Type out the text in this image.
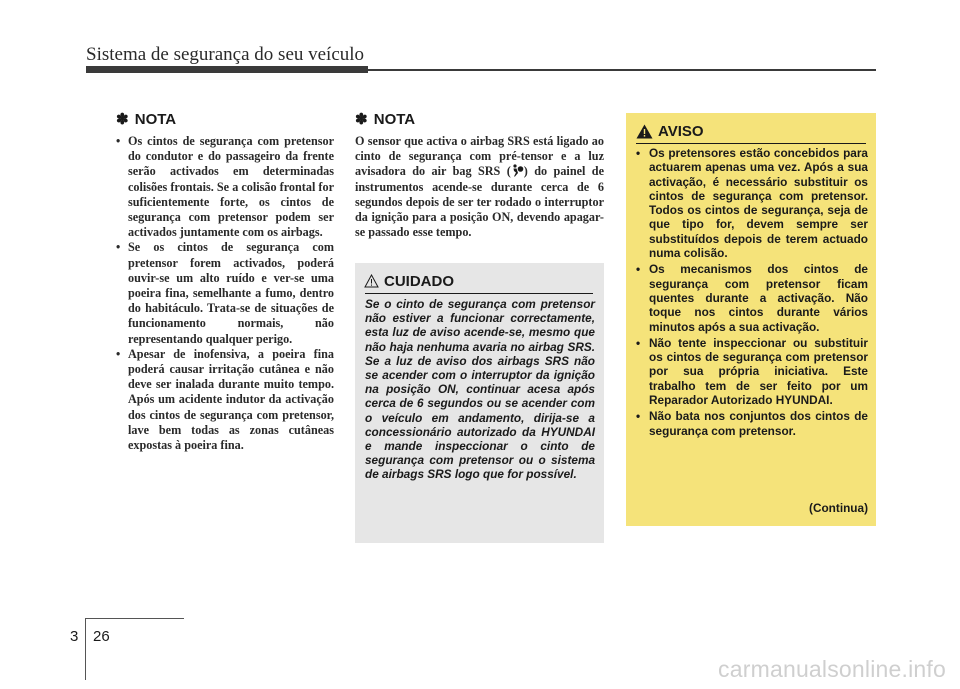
Sistema de segurança do seu veículo
✽ NOTA
• Os cintos de segurança com pretensor do condutor e do passageiro da frente serão activados em determinadas colisões frontais. Se a colisão frontal for suficientemente forte, os cintos de segurança com pretensor podem ser activados juntamente com os airbags.
• Se os cintos de segurança com pretensor forem activados, poderá ouvir-se um alto ruído e ver-se uma poeira fina, semelhante a fumo, dentro do habitáculo. Trata-se de situações de funcionamento normais, não representando qualquer perigo.
• Apesar de inofensiva, a poeira fina poderá causar irritação cutânea e não deve ser inalada durante muito tempo. Após um acidente indutor da activação dos cintos de segurança com pretensor, lave bem todas as zonas cutâneas expostas à poeira fina.
✽ NOTA

O sensor que activa o airbag SRS está ligado ao cinto de segurança com pré-tensor e a luz avisadora do air bag SRS ( ) do painel de instrumentos acende-se durante cerca de 6 segundos depois de ser ter rodado o interruptor da ignição para a posição ON, devendo apagar-se passado esse tempo.

CUIDADO

Se o cinto de segurança com pretensor não estiver a funcionar correctamente, esta luz de aviso acende-se, mesmo que não haja nenhuma avaria no airbag SRS. Se a luz de aviso dos airbags SRS não se acender com o interruptor da ignição na posição ON, continuar acesa após cerca de 6 segundos ou se acender com o veículo em andamento, dirija-se a concessionário autorizado da HYUNDAI e mande inspeccionar o cinto de segurança com pretensor ou o sistema de airbags SRS logo que for possível.

AVISO
• Os pretensores estão concebidos para actuarem apenas uma vez. Após a sua activação, é necessário substituir os cintos de segurança com pretensor. Todos os cintos de segurança, seja de que tipo for, devem sempre ser substituídos depois de terem actuado numa colisão.
• Os mecanismos dos cintos de segurança com pretensor ficam quentes durante a activação. Não toque nos cintos durante vários minutos após a sua activação.
• Não tente inspeccionar ou substituir os cintos de segurança com pretensor por sua própria iniciativa. Este trabalho tem de ser feito por um Reparador Autorizado HYUNDAI.
• Não bata nos conjuntos dos cintos de segurança com pretensor.
(Continua)
3 26
carmanualsonline.info
